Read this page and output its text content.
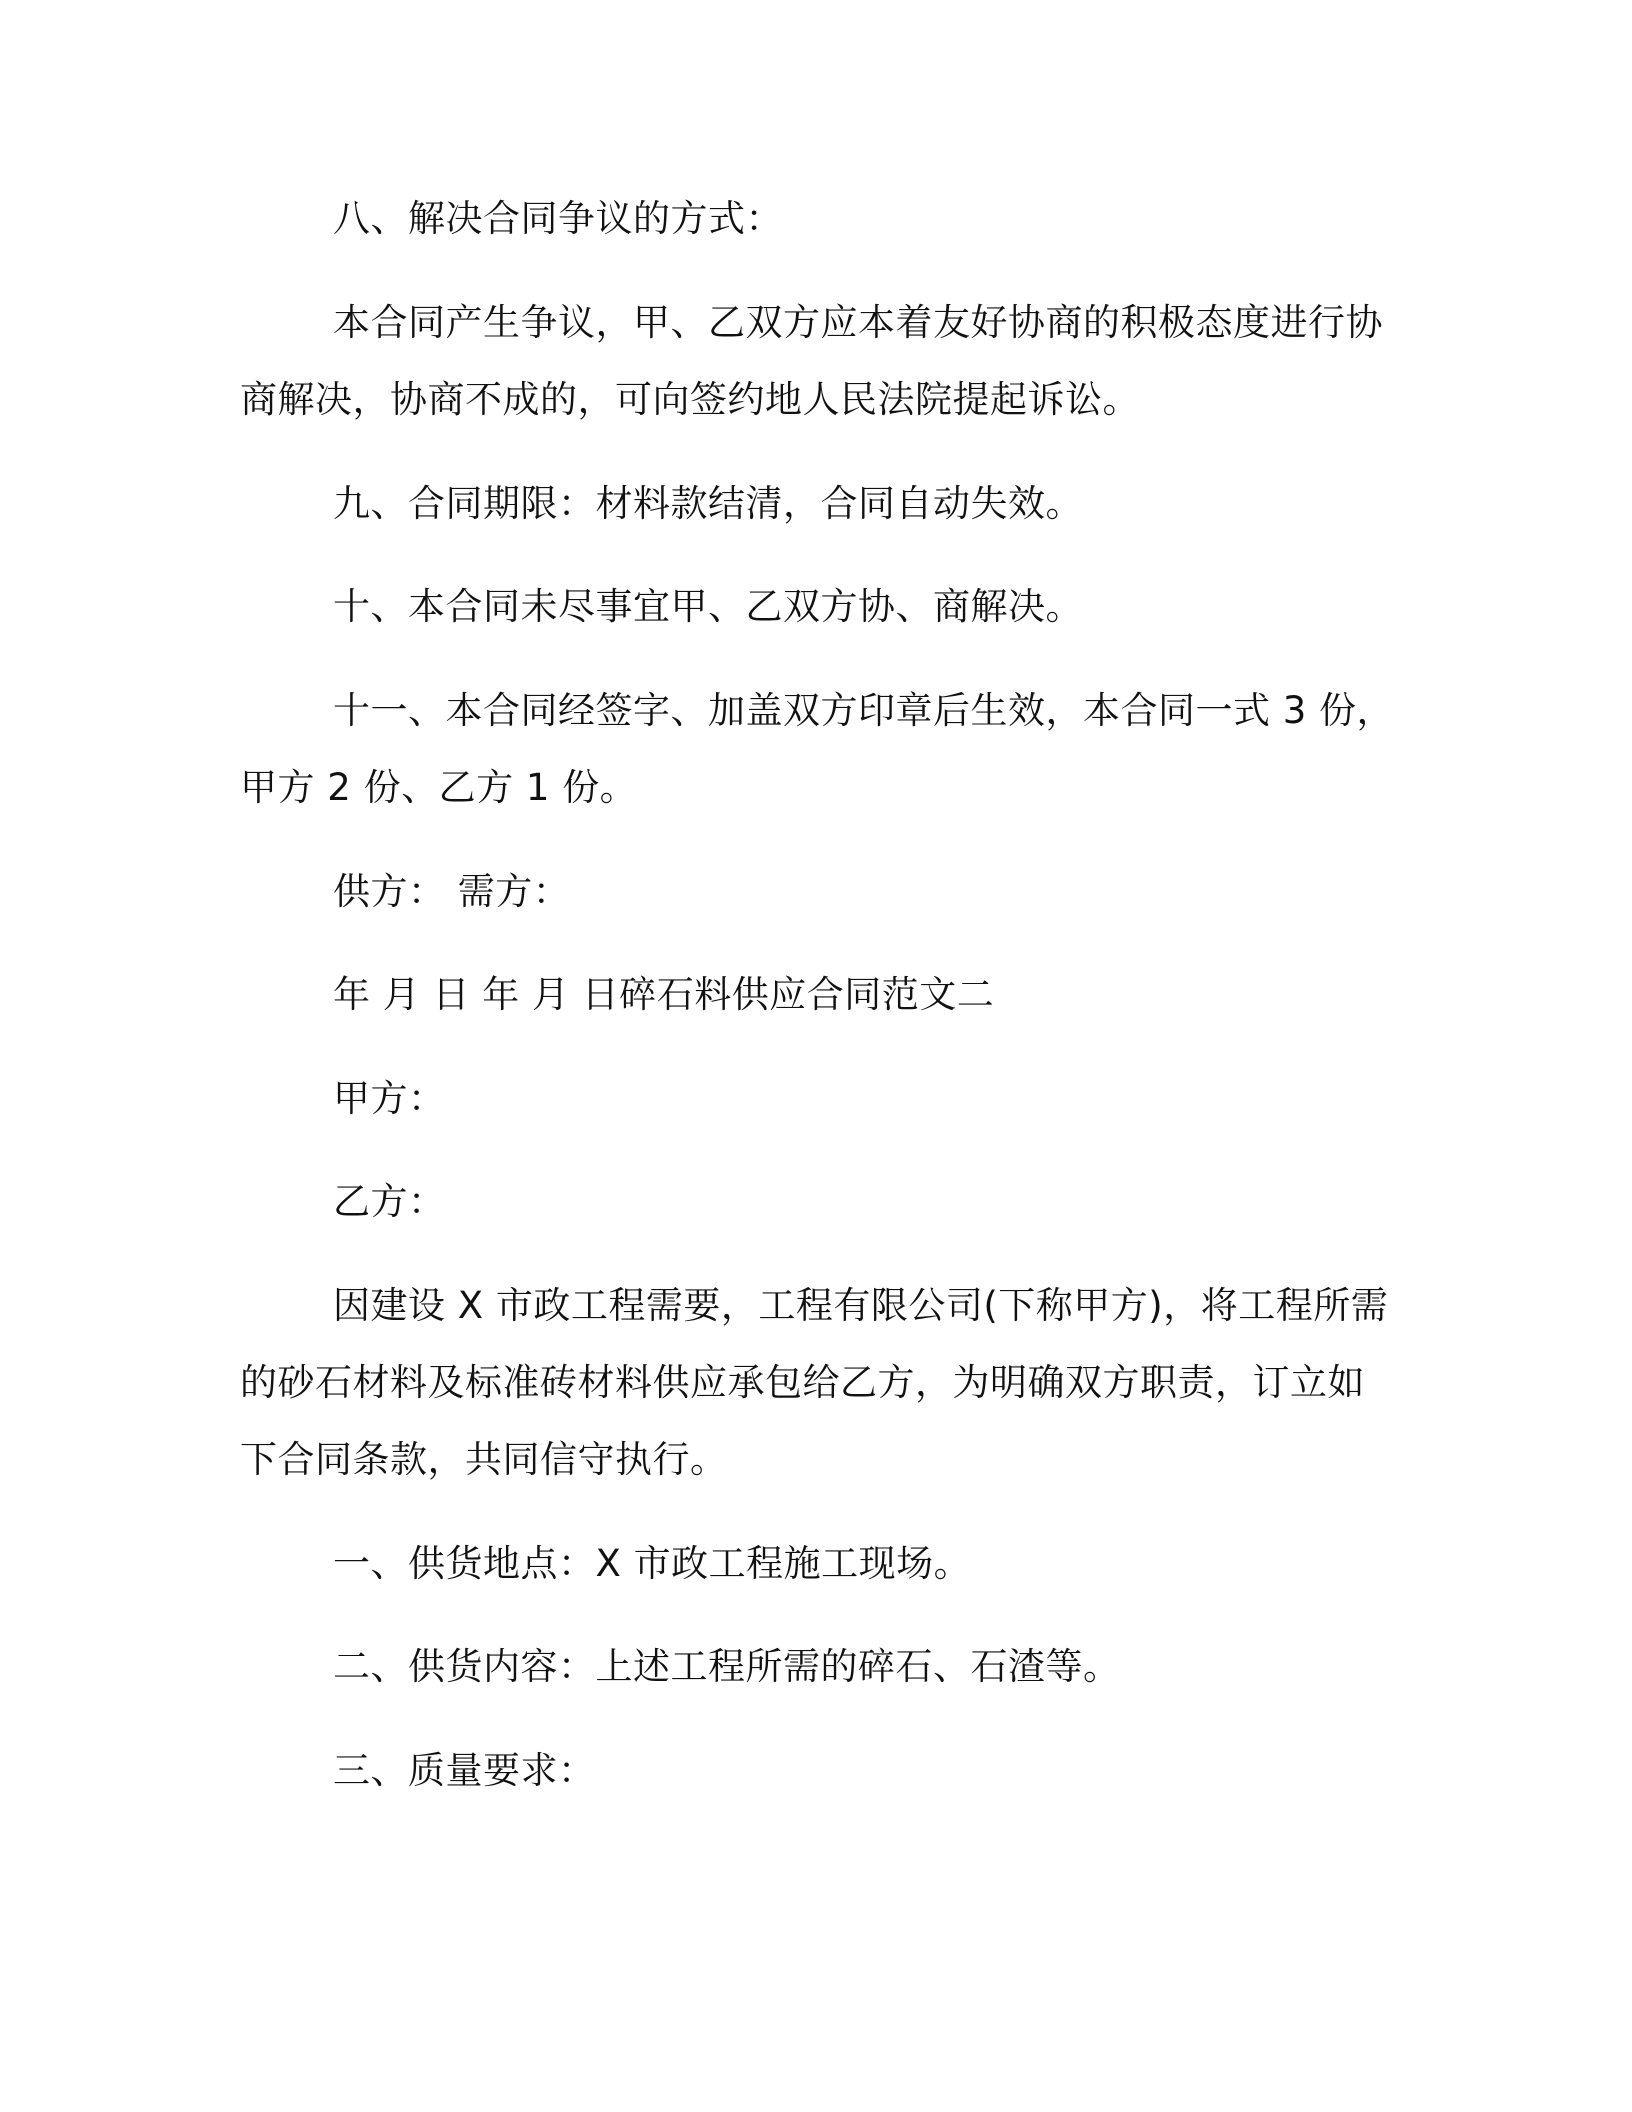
八、解决合同争议的方式：
本合同产生争议，甲、乙双方应本着友好协商的积极态度进行协
商解决，协商不成的，可向签约地人民法院提起诉讼。
九、合同期限：材料款结清，合同自动失效。
十、本合同未尽事宜甲、乙双方协、商解决。
十一、本合同经签字、加盖双方印章后生效，本合同一式 3 份，
甲方 2 份、乙方 1 份。
供方： 需方：
年 月 日 年 月 日碎石料供应合同范文二
甲方：
乙方：
因建设 X 市政工程需要，工程有限公司(下称甲方)，将工程所需
的砂石材料及标准砖材料供应承包给乙方，为明确双方职责，订立如
下合同条款，共同信守执行。
一、供货地点：X 市政工程施工现场。
二、供货内容：上述工程所需的碎石、石渣等。
三、质量要求：
